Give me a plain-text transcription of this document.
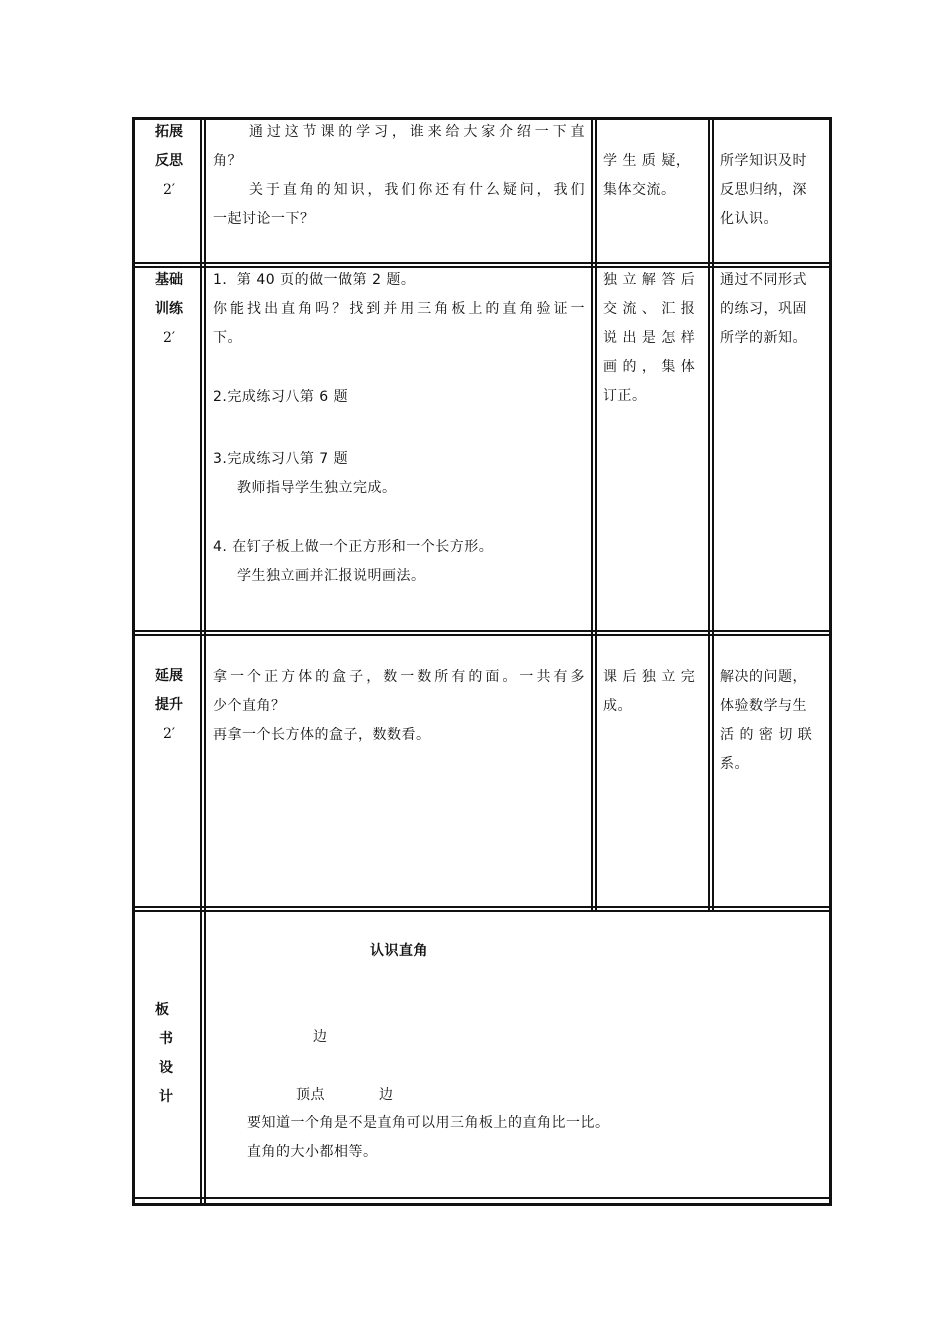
拓展

反思

2′

通过这节课的学习，谁来给大家介绍一下直

角？

关于直角的知识，我们你还有什么疑问，我们

一起讨论一下？

学 生 质 疑，

集体交流。

所学知识及时

反思归纳，深

化认识。

基础

训练

2′

1．第 40 页的做一做第 2 题。

你能找出直角吗？找到并用三角板上的直角验证一

下。

2.完成练习八第 6 题

3.完成练习八第 7 题

教师指导学生独立完成。

4. 在钉子板上做一个正方形和一个长方形。

学生独立画并汇报说明画法。

独 立 解 答 后

交 流 、 汇 报

说 出 是 怎 样

画 的 ， 集 体

订正。

通过不同形式

的练习，巩固

所学的新知。

延展

提升

2′

拿一个正方体的盒子，数一数所有的面。一共有多

少个直角？

再拿一个长方体的盒子，数数看。

课 后 独 立 完

成。

解决的问题，

体验数学与生

活 的 密 切 联

系。

板

书

设

计

认识直角
边
顶点	边
要知道一个角是不是直角可以用三角板上的直角比一比。
直角的大小都相等。
